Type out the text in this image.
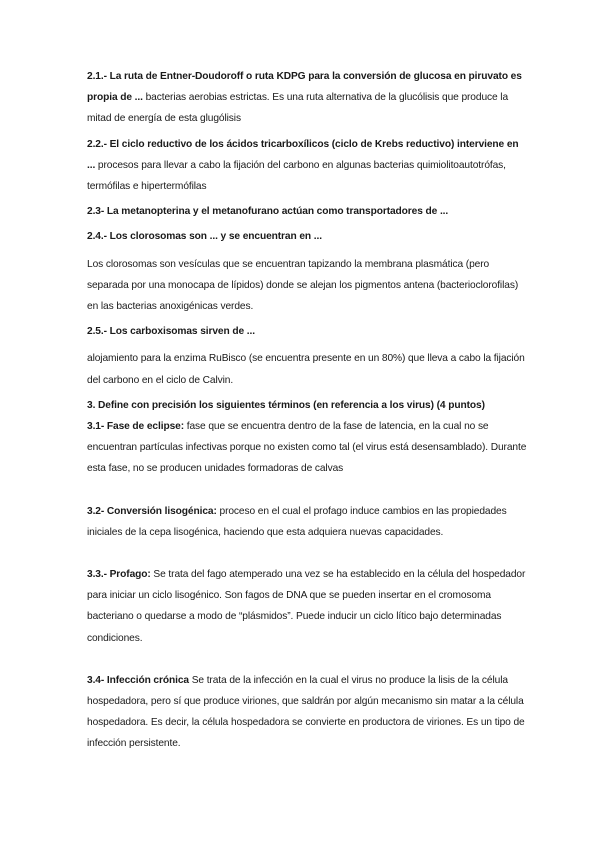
2.1.- La ruta de Entner-Doudoroff o ruta KDPG para la conversión de glucosa en piruvato es propia de ... bacterias aerobias estrictas. Es una ruta alternativa de la glucólisis que produce la mitad de energía de esta glugólisis

2.2.- El ciclo reductivo de los ácidos tricarboxílicos (ciclo de Krebs reductivo) interviene en ... procesos para llevar a cabo la fijación del carbono en algunas bacterias quimiolitoautotrófas, termófilas e hipertermófilas

2.3- La metanopterina y el metanofurano actúan como transportadores de ...

2.4.- Los clorosomas son ... y se encuentran en ...

Los clorosomas son vesículas que se encuentran tapizando la membrana plasmática (pero separada por una monocapa de lípidos) donde se alejan los pigmentos antena (bacterioclorofilas) en las bacterias anoxigénicas verdes.

2.5.- Los carboxisomas sirven de ...

alojamiento para la enzima RuBisco (se encuentra presente en un 80%) que lleva a cabo la fijación del carbono en el ciclo de Calvin.

3. Define con precisión los siguientes términos (en referencia a los virus) (4 puntos)

3.1- Fase de eclipse: fase que se encuentra dentro de la fase de latencia, en la cual no se encuentran partículas infectivas porque no existen como tal (el virus está desensamblado). Durante esta fase, no se producen unidades formadoras de calvas

3.2- Conversión lisogénica: proceso en el cual el profago induce cambios en las propiedades iniciales de la cepa lisogénica, haciendo que esta adquiera nuevas capacidades.

3.3.- Profago: Se trata del fago atemperado una vez se ha establecido en la célula del hospedador para iniciar un ciclo lisogénico. Son fagos de DNA que se pueden insertar en el cromosoma bacteriano o quedarse a modo de “plásmidos”. Puede inducir un ciclo lítico bajo determinadas condiciones.

3.4- Infección crónica Se trata de la infección en la cual el virus no produce la lisis de la célula hospedadora, pero sí que produce viriones, que saldrán por algún mecanismo sin matar a la célula hospedadora. Es decir, la célula hospedadora se convierte en productora de viriones. Es un tipo de infección persistente.
